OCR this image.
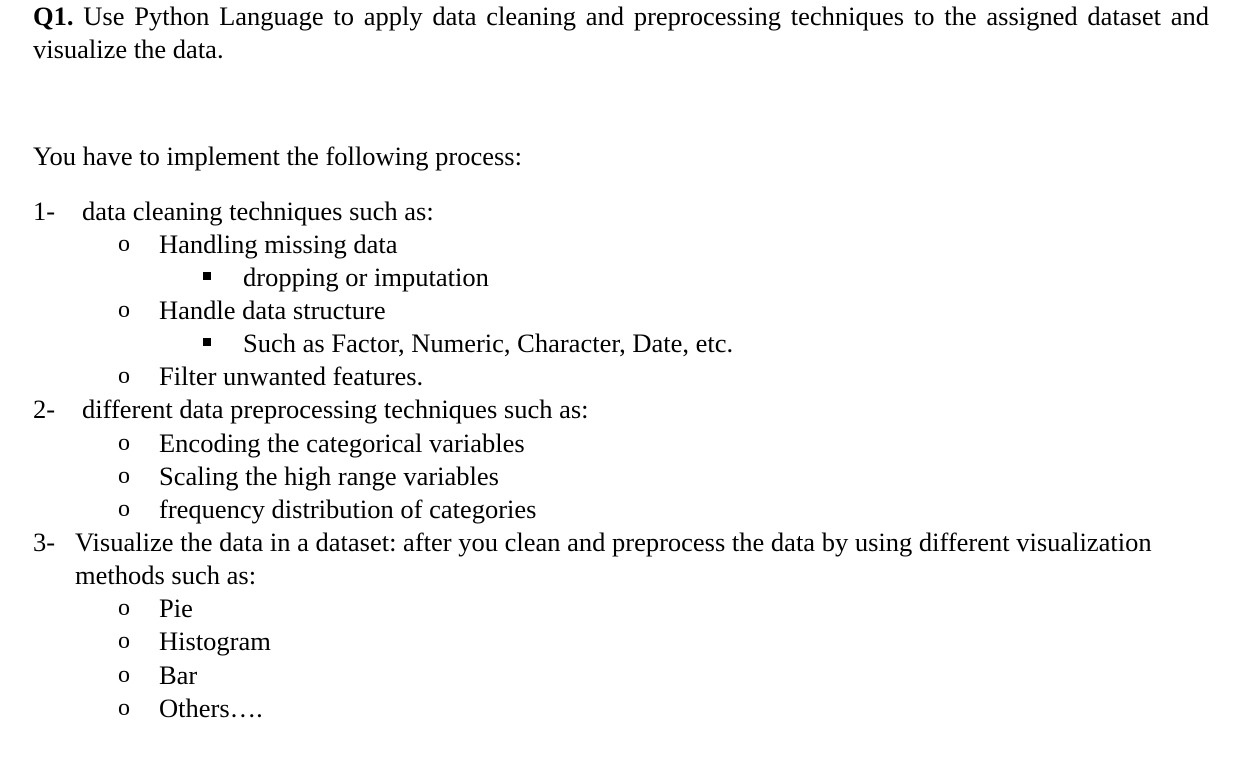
Q1. Use Python Language to apply data cleaning and preprocessing techniques to the assigned dataset and visualize the data.
You have to implement the following process:
1- data cleaning techniques such as:
o Handling missing data
dropping or imputation
o Handle data structure
Such as Factor, Numeric, Character, Date, etc.
o Filter unwanted features.
2- different data preprocessing techniques such as:
o Encoding the categorical variables
o Scaling the high range variables
o frequency distribution of categories
3- Visualize the data in a dataset: after you clean and preprocess the data by using different visualization
methods such as:
o Pie
o Histogram
o Bar
o Others….
